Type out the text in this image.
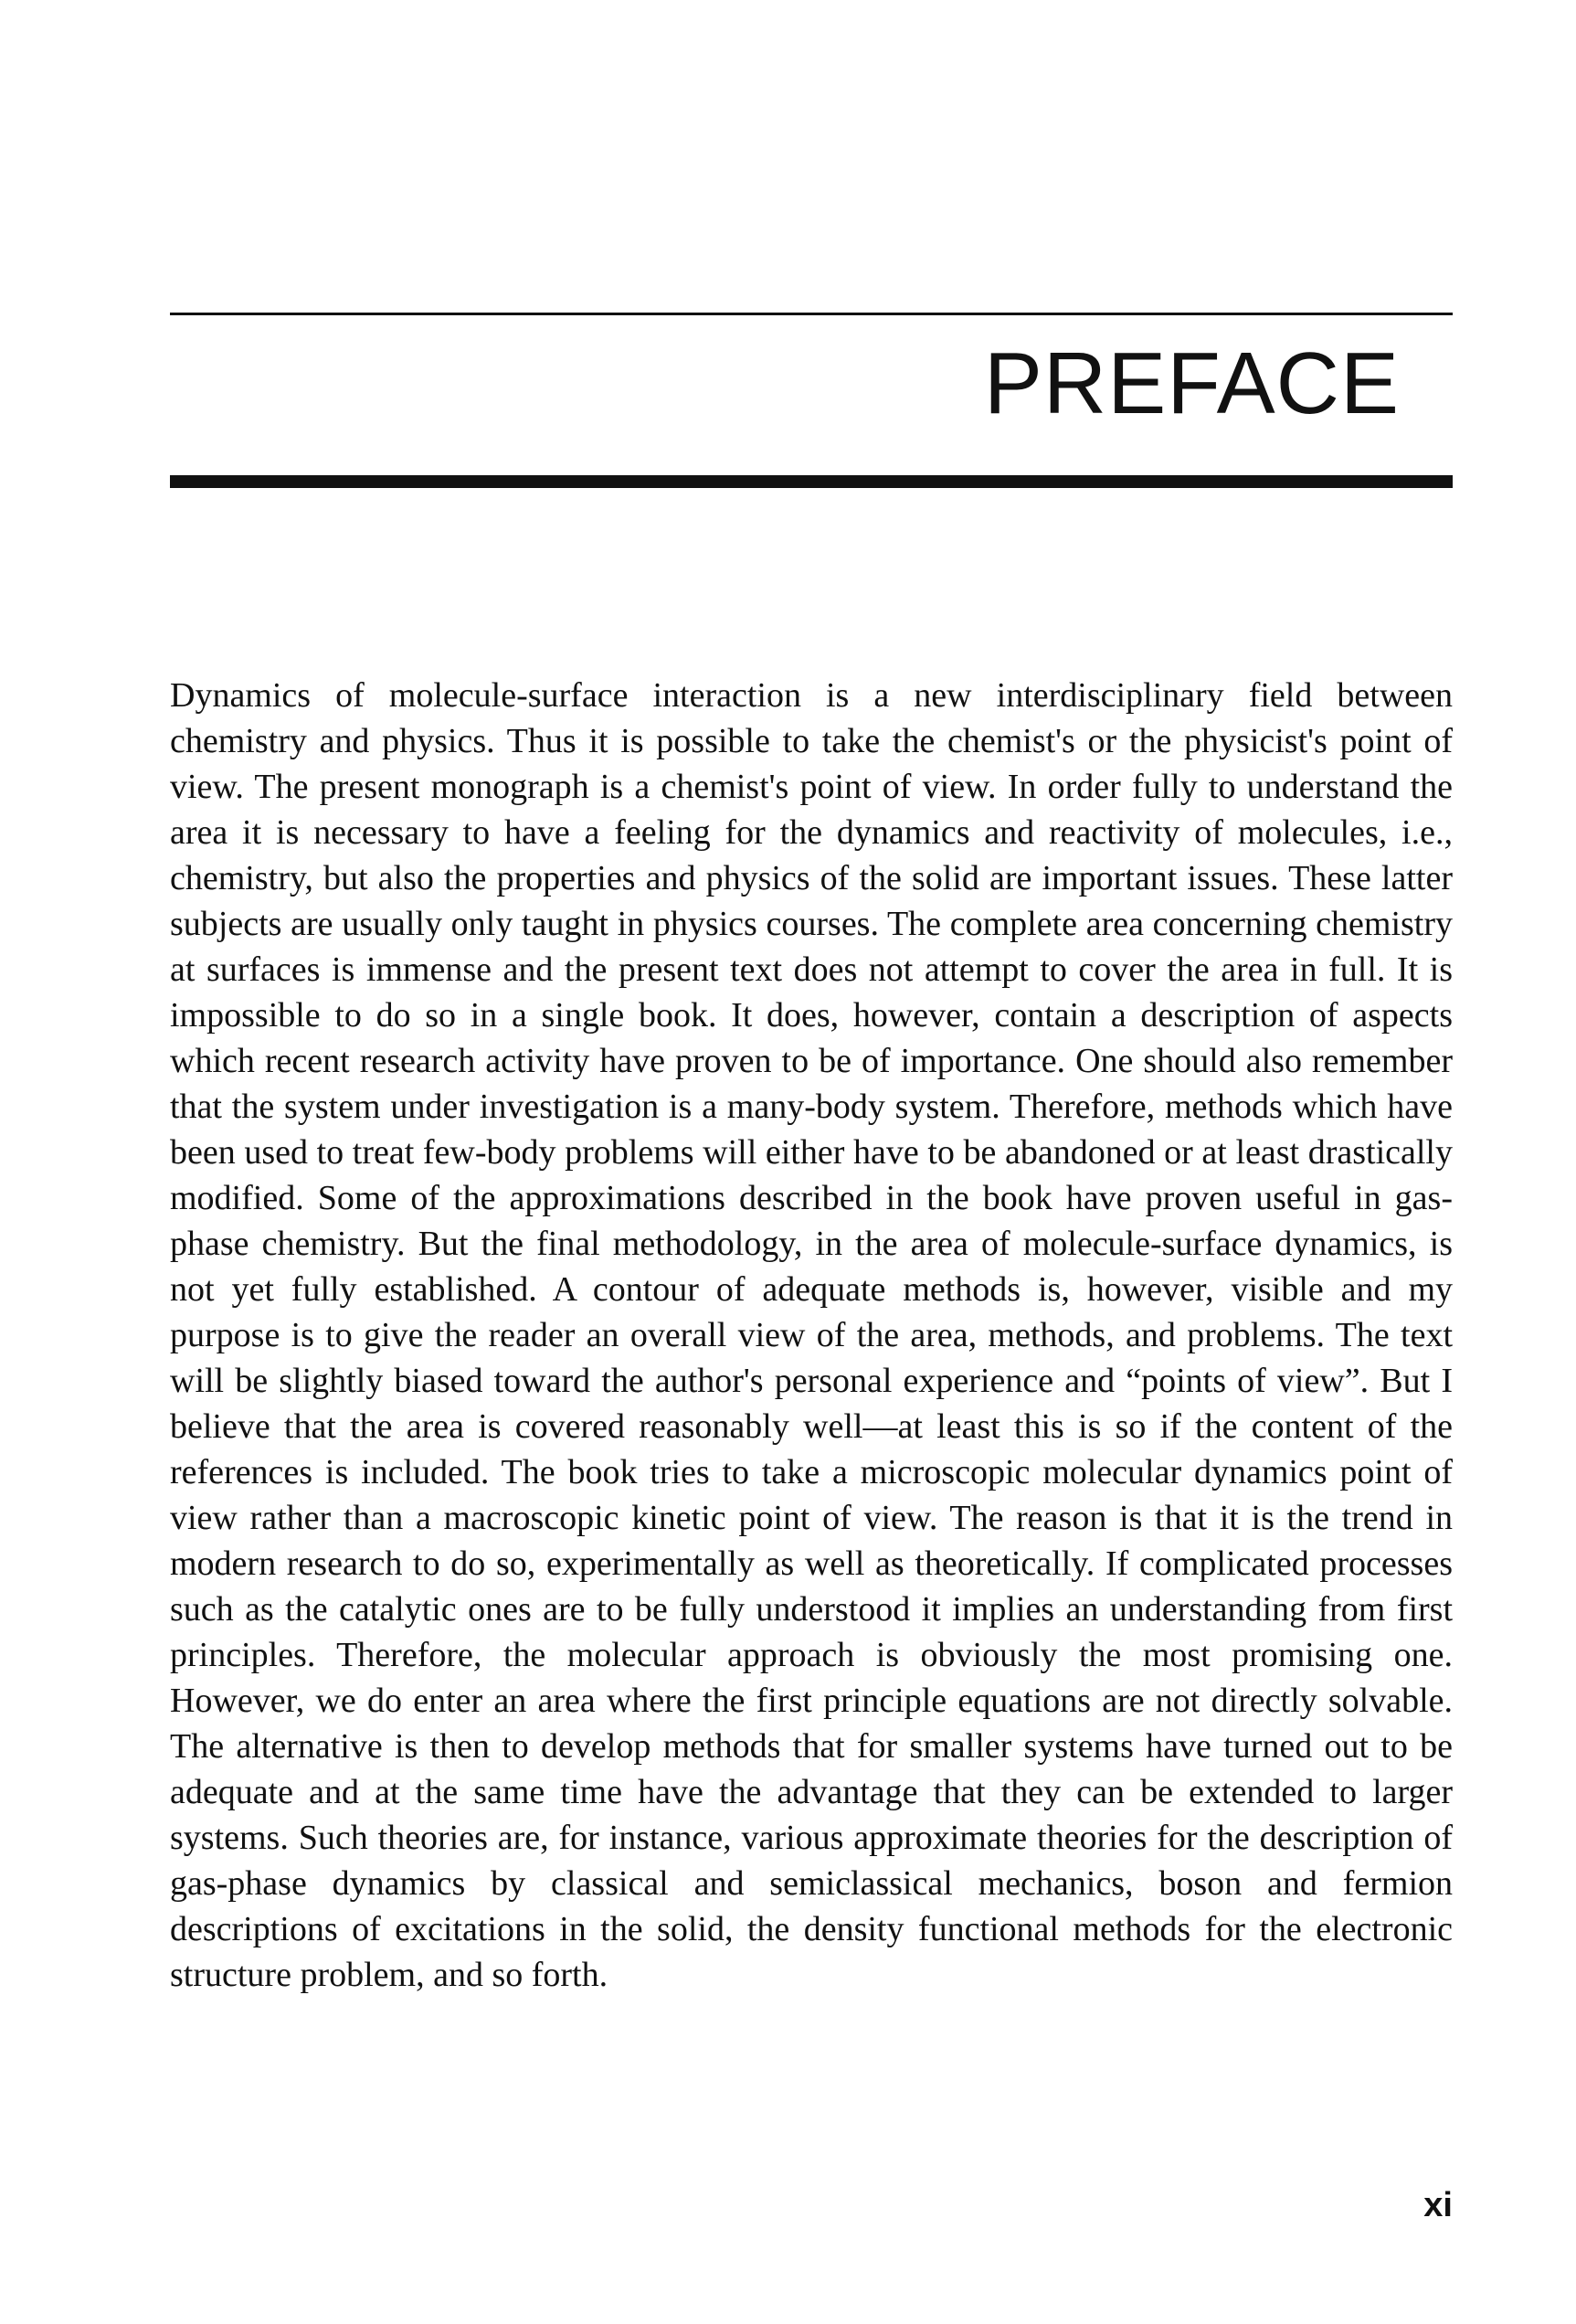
PREFACE

Dynamics of molecule-surface interaction is a new interdisciplinary field between chemistry and physics. Thus it is possible to take the chemist's or the physicist's point of view. The present monograph is a chemist's point of view. In order fully to understand the area it is necessary to have a feeling for the dynamics and reactivity of molecules, i.e., chemistry, but also the properties and physics of the solid are important issues. These latter subjects are usually only taught in physics courses. The complete area concerning chemistry at surfaces is immense and the present text does not attempt to cover the area in full. It is impossible to do so in a single book. It does, however, contain a description of aspects which recent research activity have proven to be of importance. One should also remember that the system under investigation is a many-body system. Therefore, methods which have been used to treat few-body problems will either have to be abandoned or at least drastically modified. Some of the approximations described in the book have proven useful in gas-phase chemistry. But the final methodology, in the area of molecule-surface dynamics, is not yet fully established. A contour of adequate methods is, however, visible and my purpose is to give the reader an overall view of the area, methods, and problems. The text will be slightly biased toward the author's personal experience and “points of view”. But I believe that the area is covered reasonably well—at least this is so if the content of the references is included. The book tries to take a microscopic molecular dynamics point of view rather than a macroscopic kinetic point of view. The reason is that it is the trend in modern research to do so, experimentally as well as theoretically. If complicated processes such as the catalytic ones are to be fully understood it implies an understanding from first principles. Therefore, the molecular approach is obviously the most promising one. However, we do enter an area where the first principle equations are not directly solvable. The alternative is then to develop methods that for smaller systems have turned out to be adequate and at the same time have the advantage that they can be extended to larger systems. Such theories are, for instance, various approximate theories for the description of gas-phase dynamics by classical and semiclassical mechanics, boson and fermion descriptions of excitations in the solid, the density functional methods for the electronic structure problem, and so forth.

xi
